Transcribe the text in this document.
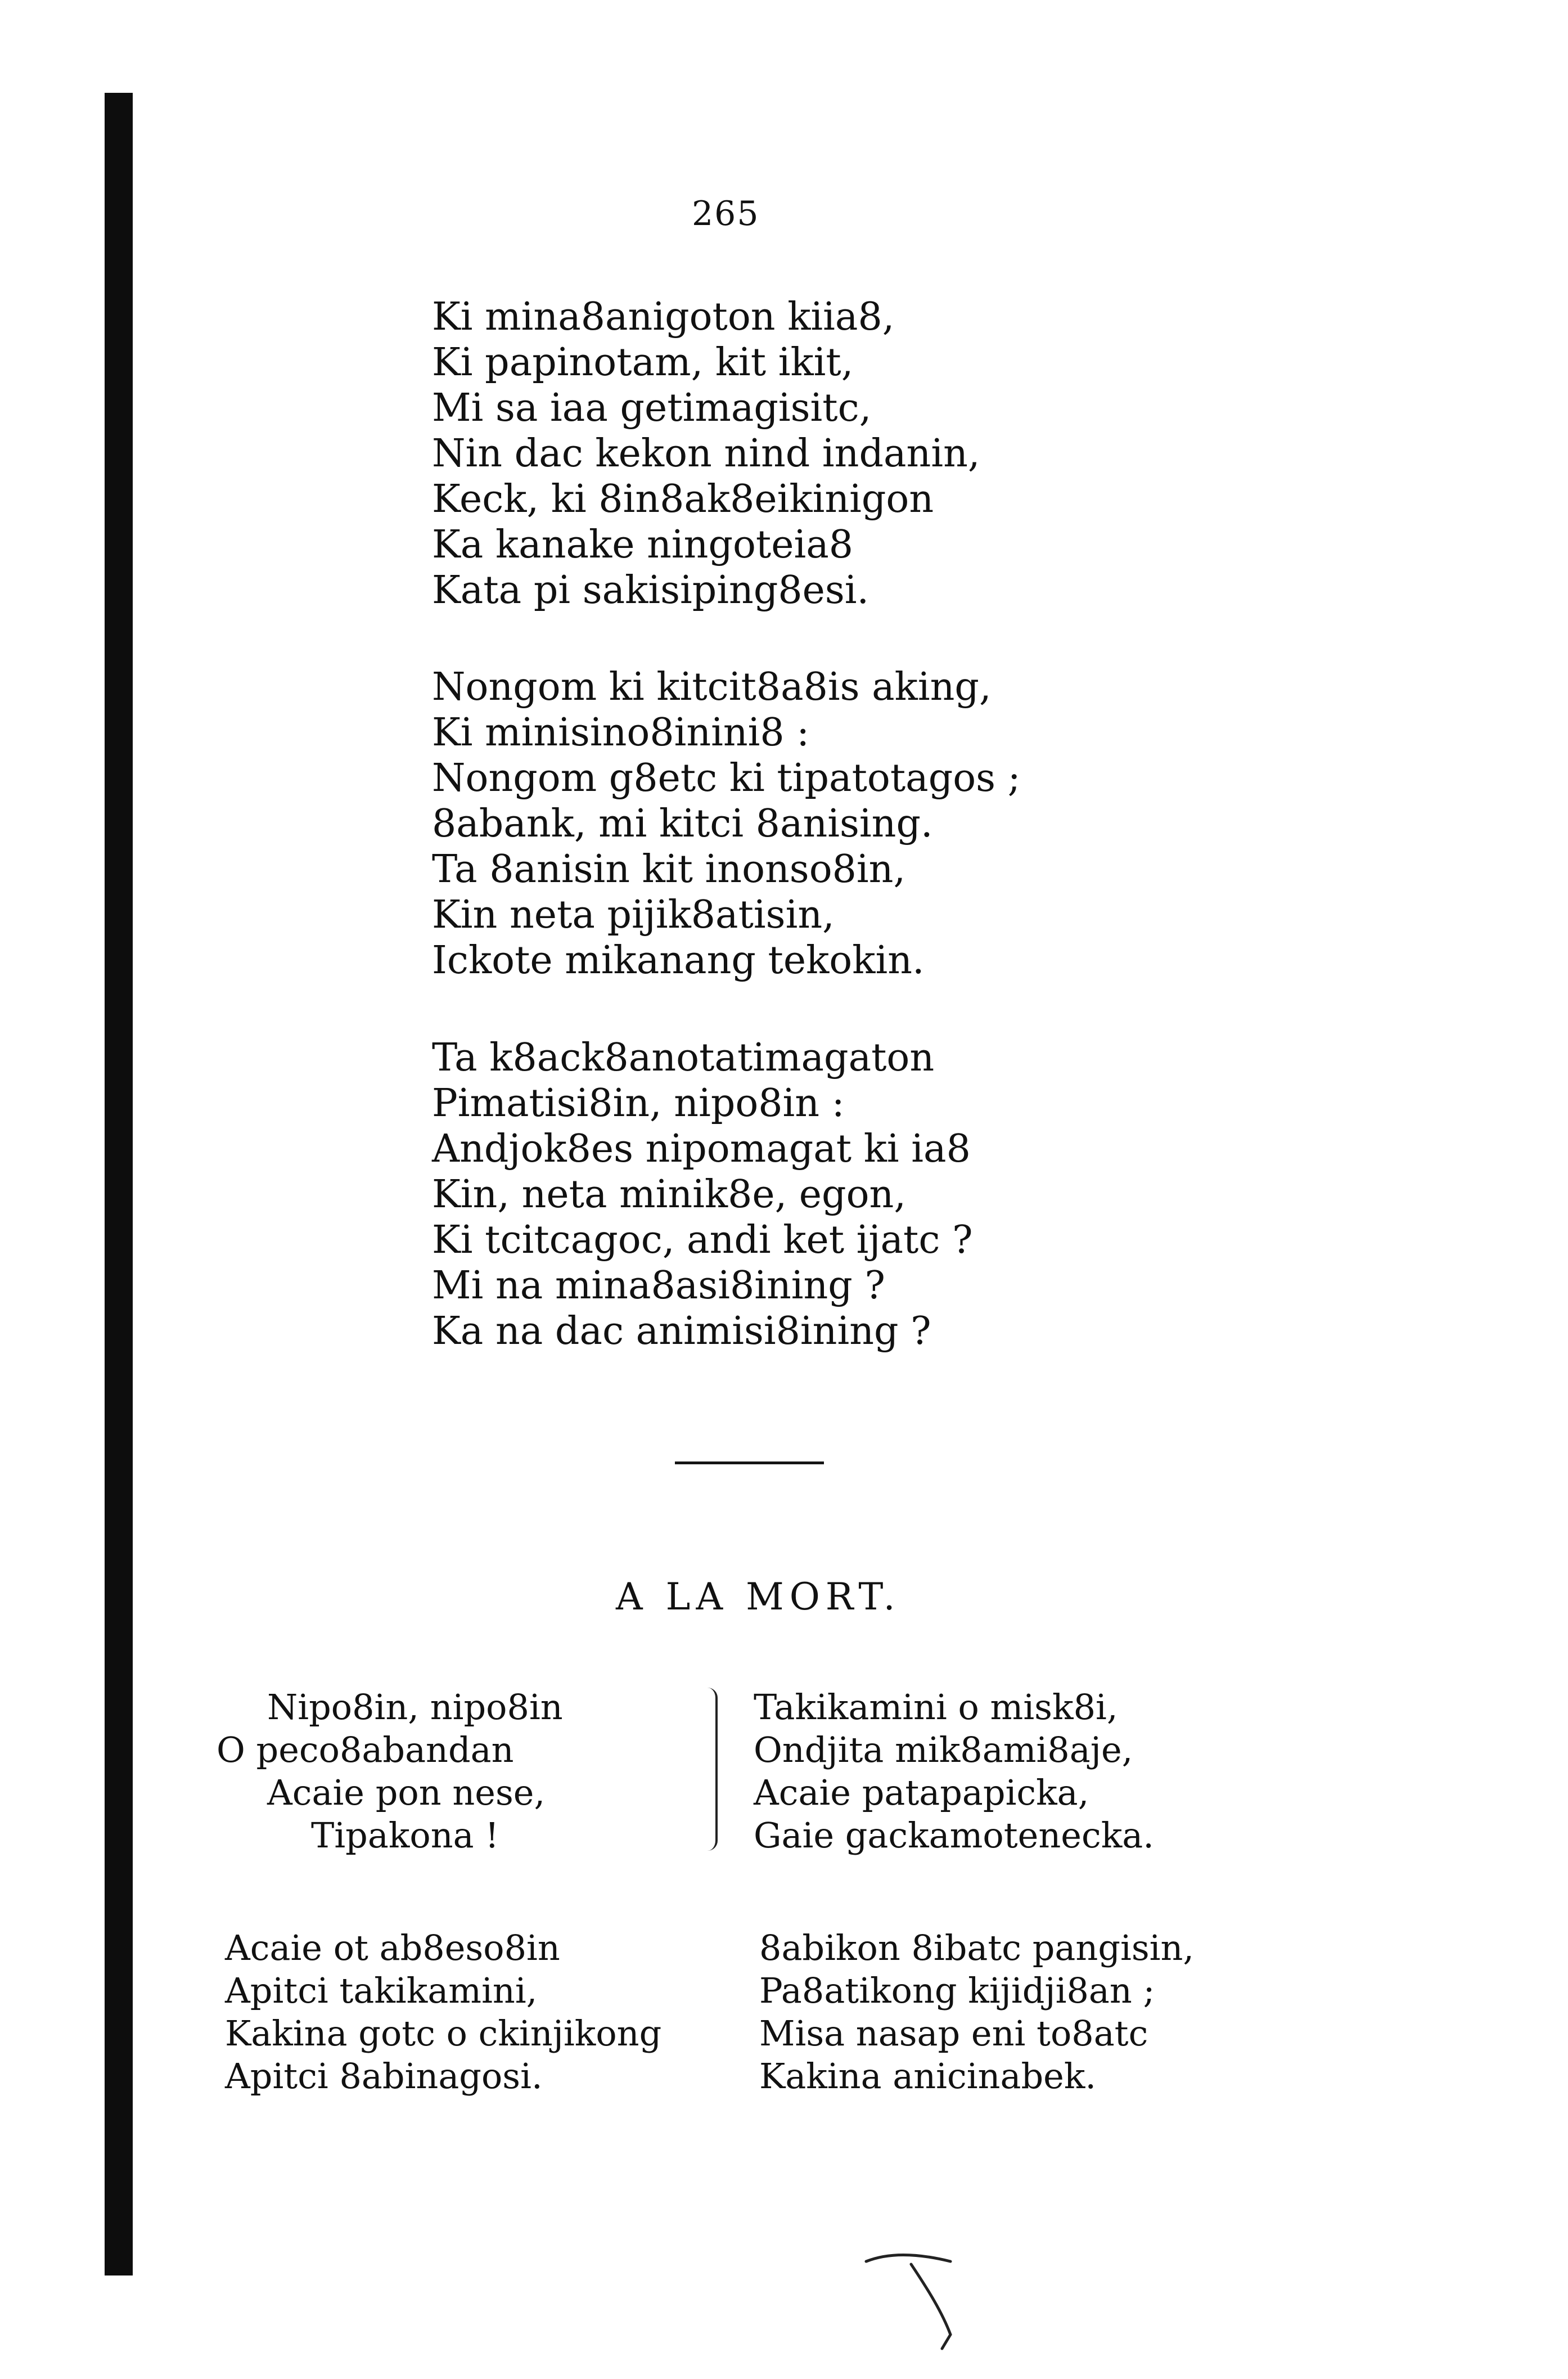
265
Ki mina8anigoton kiia8,
Ki papinotam, kit ikit,
Mi sa iaa getimagisitc,
Nin dac kekon nind indanin,
Keck, ki 8in8ak8eikinigon
Ka kanake ningoteia8
Kata pi sakisiping8esi.
Nongom ki kitcit8a8is aking,
Ki minisino8inini8 :
Nongom g8etc ki tipatotagos ;
8abank, mi kitci 8anising.
Ta 8anisin kit inonso8in,
Kin neta pijik8atisin,
Ickote mikanang tekokin.
Ta k8ack8anotatimagaton
Pimatisi8in, nipo8in :
Andjok8es nipomagat ki ia8
Kin, neta minik8e, egon,
Ki tcitcagoc, andi ket ijatc ?
Mi na mina8asi8ining ?
Ka na dac animisi8ining ?
A LA MORT.
Nipo8in, nipo8in
O peco8abandan
Acaie pon nese,
Tipakona !
Takikamini o misk8i,
Ondjita mik8ami8aje,
Acaie patapapicka,
Gaie gackamotenecka.
Acaie ot ab8eso8in
Apitci takikamini,
Kakina gotc o ckinjikong
Apitci 8abinagosi.
8abikon 8ibatc pangisin,
Pa8atikong kijidji8an ;
Misa nasap eni to8atc
Kakina anicinabek.
